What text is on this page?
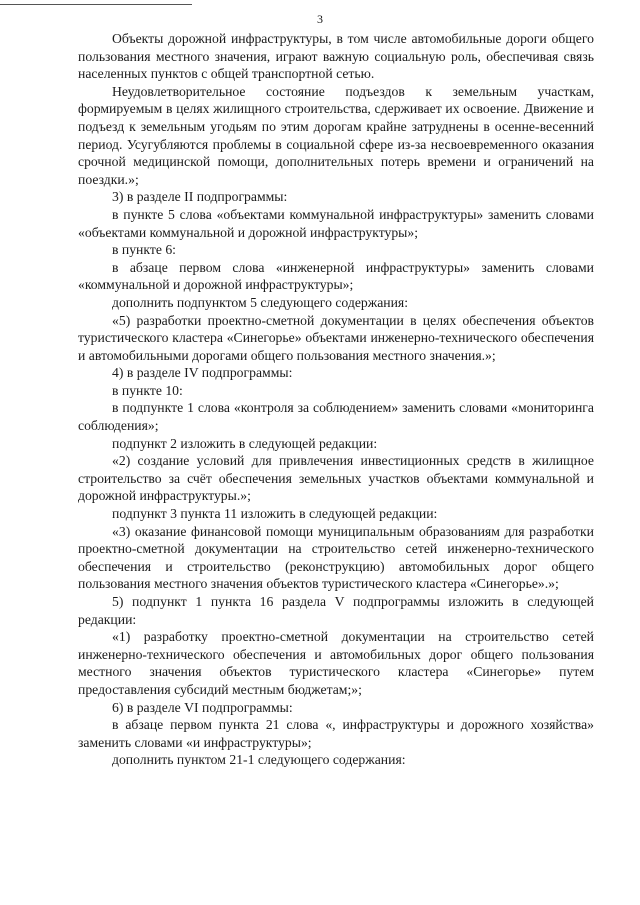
3

Объекты дорожной инфраструктуры, в том числе автомобильные дороги общего пользования местного значения, играют важную социальную роль, обеспечивая связь населенных пунктов с общей транспортной сетью.

Неудовлетворительное состояние подъездов к земельным участкам, формируемым в целях жилищного строительства, сдерживает их освоение. Движение и подъезд к земельным угодьям по этим дорогам крайне затруднены в осенне-весенний период. Усугубляются проблемы в социальной сфере из-за несвоевременного оказания срочной медицинской помощи, дополнительных потерь времени и ограничений на поездки.»;

3) в разделе II подпрограммы:

в пункте 5 слова «объектами коммунальной инфраструктуры» заменить словами «объектами коммунальной и дорожной инфраструктуры»;

в пункте 6:

в абзаце первом слова «инженерной инфраструктуры» заменить словами «коммунальной и дорожной инфраструктуры»;

дополнить подпунктом 5 следующего содержания:

«5) разработки проектно-сметной документации в целях обеспечения объектов туристического кластера «Синегорье» объектами инженерно-технического обеспечения и автомобильными дорогами общего пользования местного значения.»;

4) в разделе IV подпрограммы:

в пункте 10:

в подпункте 1 слова «контроля за соблюдением» заменить словами «мониторинга соблюдения»;

подпункт 2 изложить в следующей редакции:

«2) создание условий для привлечения инвестиционных средств в жилищное строительство за счёт обеспечения земельных участков объектами коммунальной и дорожной инфраструктуры.»;

подпункт 3 пункта 11 изложить в следующей редакции:

«3) оказание финансовой помощи муниципальным образованиям для разработки проектно-сметной документации на строительство сетей инженерно-технического обеспечения и строительство (реконструкцию) автомобильных дорог общего пользования местного значения объектов туристического кластера «Синегорье».»;

5) подпункт 1 пункта 16 раздела V подпрограммы изложить в следующей редакции:

«1) разработку проектно-сметной документации на строительство сетей инженерно-технического обеспечения и автомобильных дорог общего пользования местного значения объектов туристического кластера «Синегорье» путем предоставления субсидий местным бюджетам;»;

6) в разделе VI подпрограммы:

в абзаце первом пункта 21 слова «, инфраструктуры и дорожного хозяйства» заменить словами «и инфраструктуры»;

дополнить пунктом 21-1 следующего содержания:
